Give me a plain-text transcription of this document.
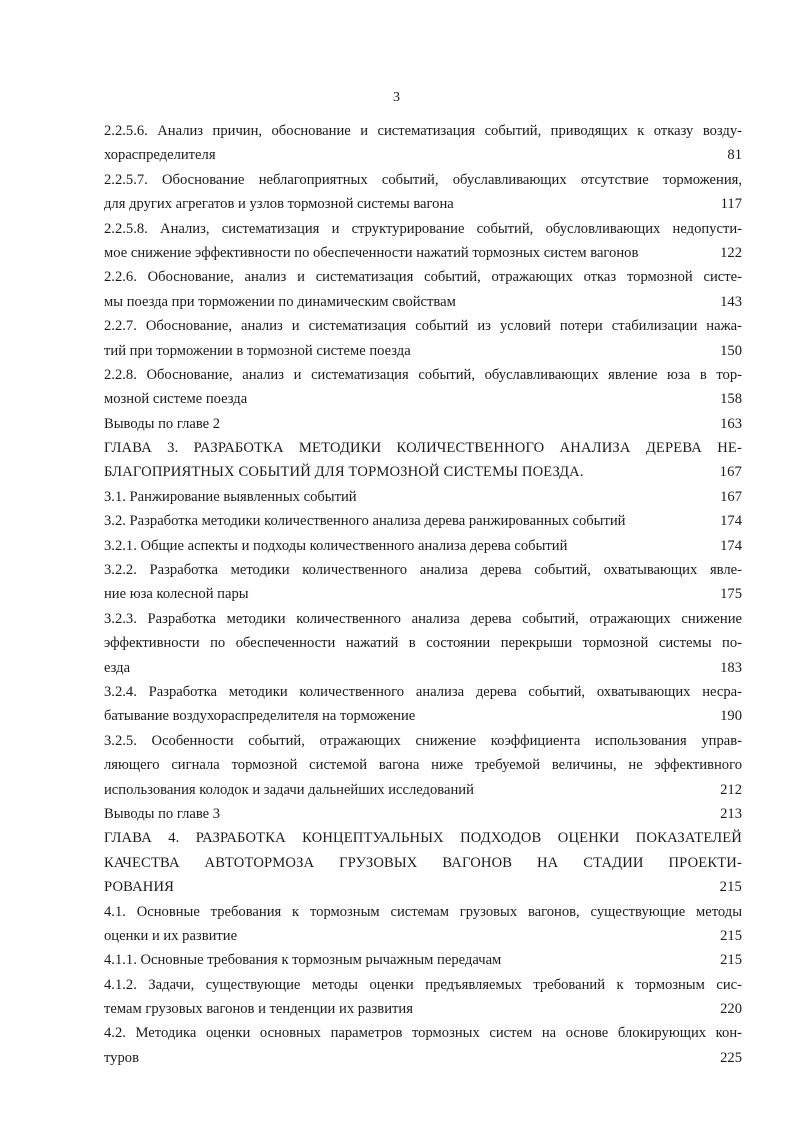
3
2.2.5.6. Анализ причин, обоснование и систематизация событий, приводящих к отказу возду-
хораспределителя	81
2.2.5.7. Обоснование неблагоприятных событий, обуславливающих отсутствие торможения,
для других агрегатов и узлов тормозной системы вагона	117
2.2.5.8. Анализ, систематизация и структурирование событий, обусловливающих недопусти-
мое снижение эффективности по обеспеченности нажатий тормозных систем вагонов	122
2.2.6. Обоснование, анализ и систематизация событий, отражающих отказ тормозной систе-
мы поезда при торможении по динамическим свойствам	143
2.2.7. Обоснование, анализ и систематизация событий из условий потери стабилизации нажа-
тий при торможении в тормозной системе поезда	150
2.2.8. Обоснование, анализ и систематизация событий, обуславливающих явление юза в тор-
мозной системе поезда	158
Выводы по главе 2	163
ГЛАВА 3. РАЗРАБОТКА МЕТОДИКИ КОЛИЧЕСТВЕННОГО АНАЛИЗА ДЕРЕВА НЕ-
БЛАГОПРИЯТНЫХ СОБЫТИЙ ДЛЯ ТОРМОЗНОЙ СИСТЕМЫ ПОЕЗДА.	167
3.1. Ранжирование выявленных событий	167
3.2. Разработка методики количественного анализа дерева ранжированных событий	174
3.2.1. Общие аспекты и подходы количественного анализа дерева событий	174
3.2.2. Разработка методики количественного анализа дерева событий, охватывающих явле-
ние юза колесной пары	175
3.2.3. Разработка методики количественного анализа дерева событий, отражающих снижение
эффективности по обеспеченности нажатий в состоянии перекрыши тормозной системы по-
езда	183
3.2.4. Разработка методики количественного анализа дерева событий, охватывающих несра-
батывание воздухораспределителя на торможение	190
3.2.5. Особенности событий, отражающих снижение коэффициента использования управ-
ляющего сигнала тормозной системой вагона ниже требуемой величины, не эффективного
использования колодок и задачи дальнейших исследований	212
Выводы по главе 3	213
ГЛАВА 4. РАЗРАБОТКА КОНЦЕПТУАЛЬНЫХ ПОДХОДОВ ОЦЕНКИ ПОКАЗАТЕЛЕЙ
КАЧЕСТВА АВТОТОРМОЗА ГРУЗОВЫХ ВАГОНОВ НА СТАДИИ ПРОЕКТИ-
РОВАНИЯ	215
4.1. Основные требования к тормозным системам грузовых вагонов, существующие методы
оценки и их развитие	215
4.1.1. Основные требования к тормозным рычажным передачам	215
4.1.2. Задачи, существующие методы оценки предъявляемых требований к тормозным сис-
темам грузовых вагонов и тенденции их развития	220
4.2. Методика оценки основных параметров тормозных систем на основе блокирующих кон-
туров	225
